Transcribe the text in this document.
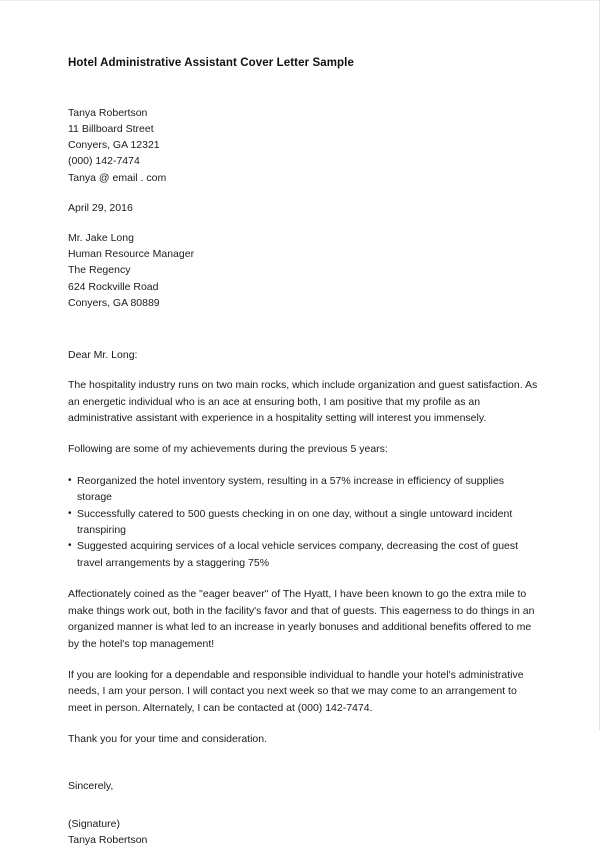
Hotel Administrative Assistant Cover Letter Sample
Tanya Robertson
11 Billboard Street
Conyers, GA 12321
(000) 142-7474
Tanya @ email . com
April 29, 2016
Mr. Jake Long
Human Resource Manager
The Regency
624 Rockville Road
Conyers, GA 80889
Dear Mr. Long:

The hospitality industry runs on two main rocks, which include organization and guest satisfaction. As an energetic individual who is an ace at ensuring both, I am positive that my profile as an administrative assistant with experience in a hospitality setting will interest you immensely.

Following are some of my achievements during the previous 5 years:

• Reorganized the hotel inventory system, resulting in a 57% increase in efficiency of supplies storage
• Successfully catered to 500 guests checking in on one day, without a single untoward incident transpiring
• Suggested acquiring services of a local vehicle services company, decreasing the cost of guest travel arrangements by a staggering 75%

Affectionately coined as the "eager beaver" of The Hyatt, I have been known to go the extra mile to make things work out, both in the facility's favor and that of guests. This eagerness to do things in an organized manner is what led to an increase in yearly bonuses and additional benefits offered to me by the hotel's top management!

If you are looking for a dependable and responsible individual to handle your hotel's administrative needs, I am your person. I will contact you next week so that we may come to an arrangement to meet in person. Alternately, I can be contacted at (000) 142-7474.

Thank you for your time and consideration.

Sincerely,
(Signature)
Tanya Robertson
